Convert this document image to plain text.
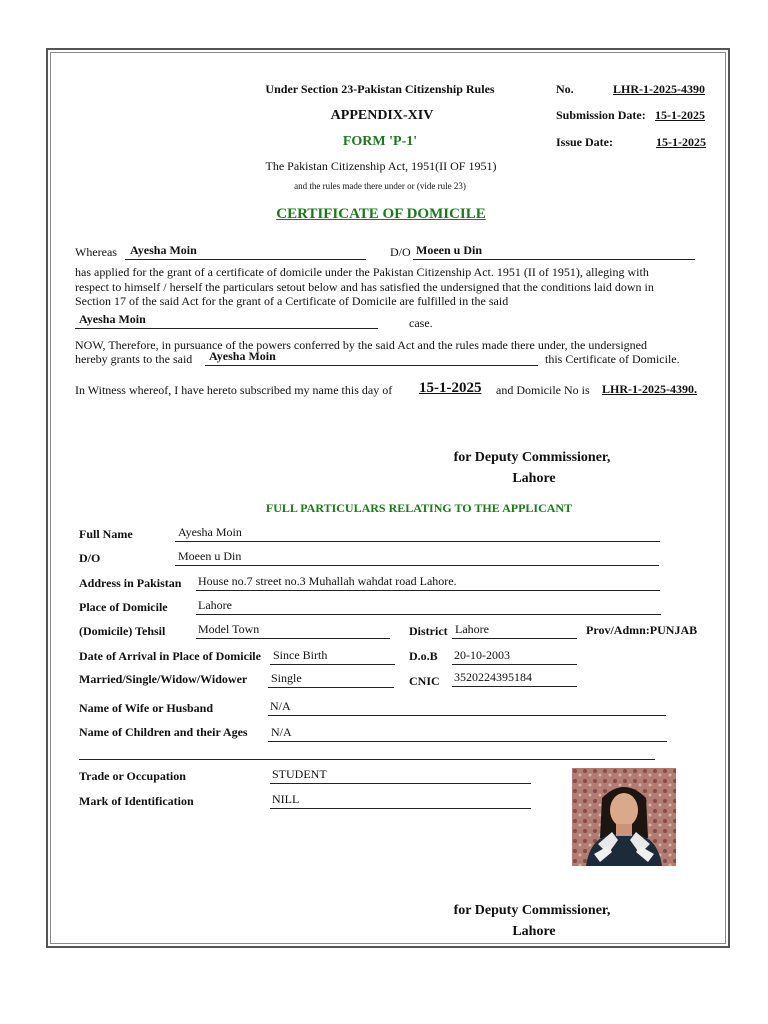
Under Section 23-Pakistan Citizenship Rules
APPENDIX-XIV
FORM 'P-1'
The Pakistan Citizenship Act, 1951(II OF 1951)
and the rules made there under or (vide rule 23)
CERTIFICATE OF DOMICILE
No.	LHR-1-2025-4390
Submission Date: 15-1-2025
Issue Date:	15-1-2025
Whereas Ayesha Moin	D/O Moeen u Din
has applied for the grant of a certificate of domicile under the Pakistan Citizenship Act. 1951 (II of 1951), alleging with
respect to himself / herself the particulars setout below and has satisfied the undersigned that the conditions laid down in
Section 17 of the said Act for the grant of a Certificate of Domicile are fulfilled in the said
Ayesha Moin	case.
NOW, Therefore, in pursuance of the powers conferred by the said Act and the rules made there under, the undersigned
hereby grants to the said Ayesha Moin	this Certificate of Domicile.
In Witness whereof, I have hereto subscribed my name this day of 15-1-2025 and Domicile No is LHR-1-2025-4390.
for Deputy Commissioner,
Lahore
FULL PARTICULARS RELATING TO THE APPLICANT
Full Name	Ayesha Moin
D/O	Moeen u Din
Address in Pakistan House no.7 street no.3 Muhallah wahdat road Lahore.
Place of Domicile	Lahore
(Domicile) Tehsil	Model Town	District Lahore	Prov/Admn:PUNJAB
Date of Arrival in Place of Domicile Since Birth	D.o.B 20-10-2003
Married/Single/Widow/Widower Single	CNIC 3520224395184
Name of Wife or Husband	N/A
Name of Children and their Ages N/A
Trade or Occupation	STUDENT
Mark of Identification	NILL
for Deputy Commissioner,
Lahore
